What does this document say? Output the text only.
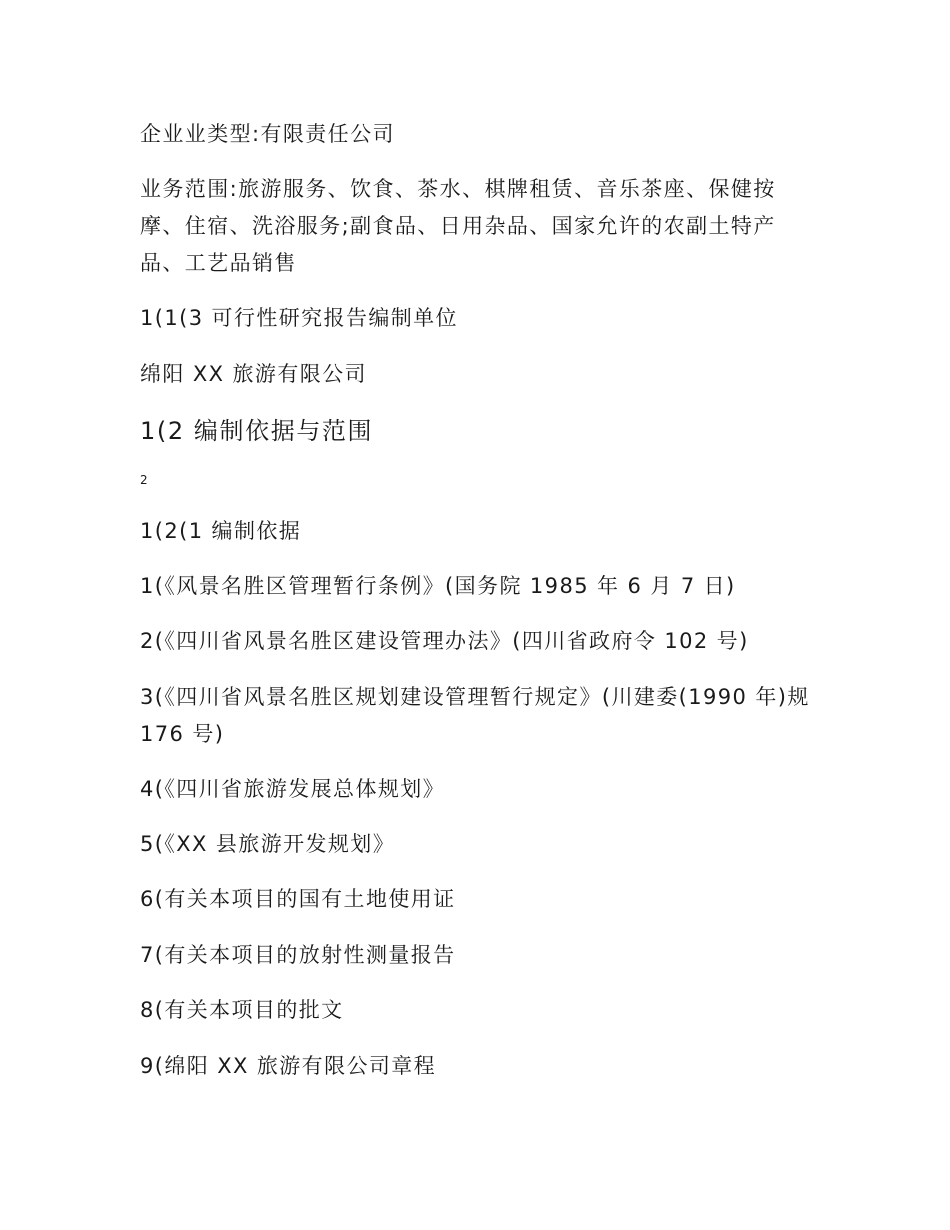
企业业类型:有限责任公司
业务范围:旅游服务、饮食、茶水、棋牌租赁、音乐茶座、保健按摩、住宿、洗浴服务;副食品、日用杂品、国家允许的农副土特产品、工艺品销售
1(1(3 可行性研究报告编制单位
绵阳 XX 旅游有限公司
1(2 编制依据与范围
2
1(2(1 编制依据
1(《风景名胜区管理暂行条例》(国务院 1985 年 6 月 7 日)
2(《四川省风景名胜区建设管理办法》(四川省政府令 102 号)
3(《四川省风景名胜区规划建设管理暂行规定》(川建委(1990 年)规 176 号)
4(《四川省旅游发展总体规划》
5(《XX 县旅游开发规划》
6(有关本项目的国有土地使用证
7(有关本项目的放射性测量报告
8(有关本项目的批文
9(绵阳 XX 旅游有限公司章程
